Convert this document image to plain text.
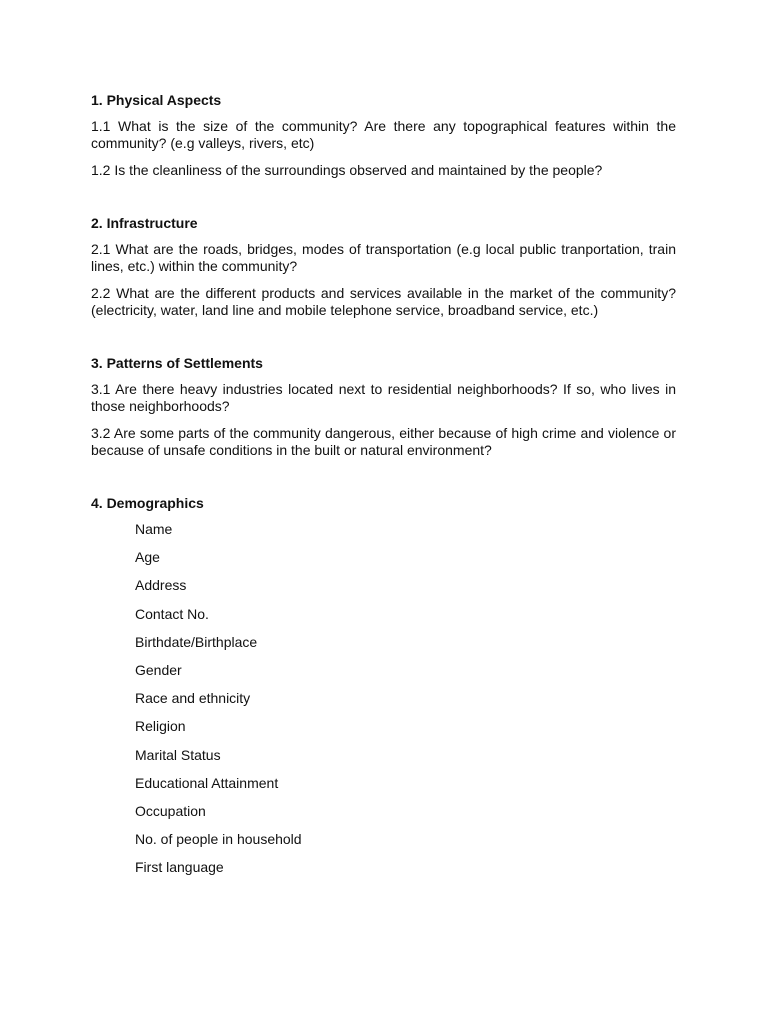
1. Physical Aspects

1.1 What is the size of the community? Are there any topographical features within the community? (e.g valleys, rivers, etc)

1.2 Is the cleanliness of the surroundings observed and maintained by the people?

2. Infrastructure

2.1 What are the roads, bridges, modes of transportation (e.g local public tranportation, train lines, etc.) within the community?

2.2 What are the different products and services available in the market of the community? (electricity, water, land line and mobile telephone service, broadband service, etc.)

3. Patterns of Settlements

3.1 Are there heavy industries located next to residential neighborhoods? If so, who lives in those neighborhoods?

3.2 Are some parts of the community dangerous, either because of high crime and violence or because of unsafe conditions in the built or natural environment?

4. Demographics
Name
Age
Address
Contact No.
Birthdate/Birthplace
Gender
Race and ethnicity
Religion
Marital Status
Educational Attainment
Occupation
No. of people in household
First language
